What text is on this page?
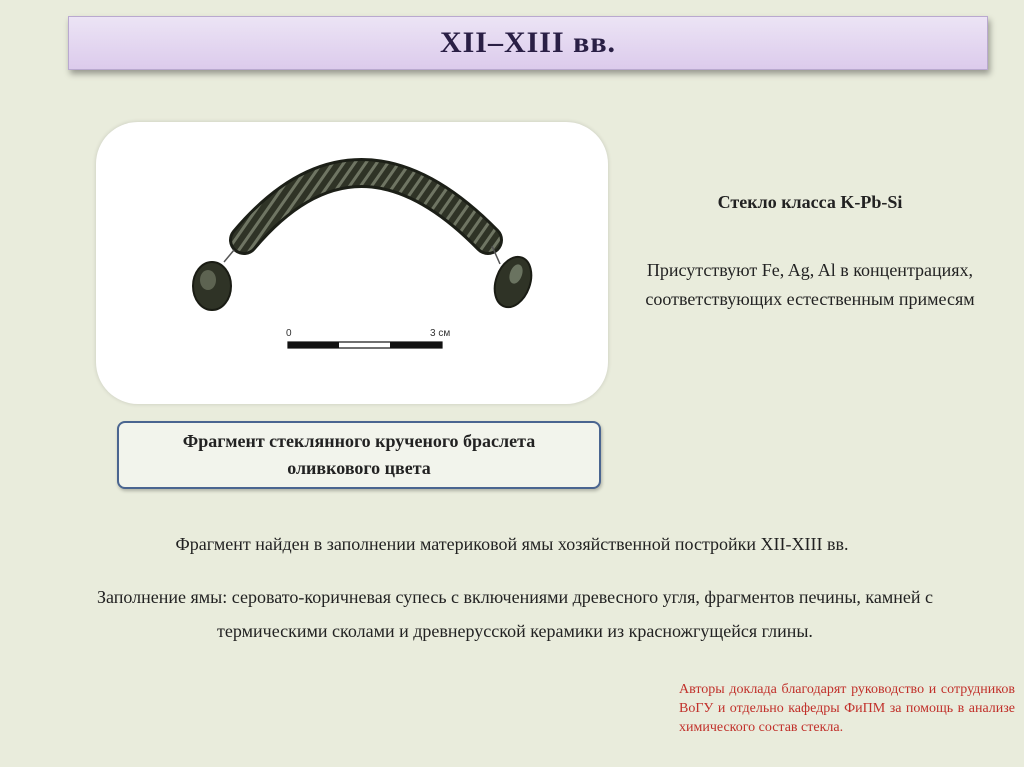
XII–XIII вв.
0	3 см
Фрагмент стеклянного крученого браслета оливкового цвета
Стекло класса K-Pb-Si
Присутствуют Fe, Ag, Al в концентрациях, соответствующих естественным примесям
Фрагмент найден в заполнении материковой ямы хозяйственной постройки XII-XIII вв.
Заполнение ямы: серовато-коричневая супесь с включениями древесного угля, фрагментов печины, камней с термическими сколами и древнерусской керамики из красножгущейся глины.
Авторы доклада благодарят руководство и сотрудников ВоГУ и отдельно кафедры ФиПМ за помощь в анализе химического состав стекла.
